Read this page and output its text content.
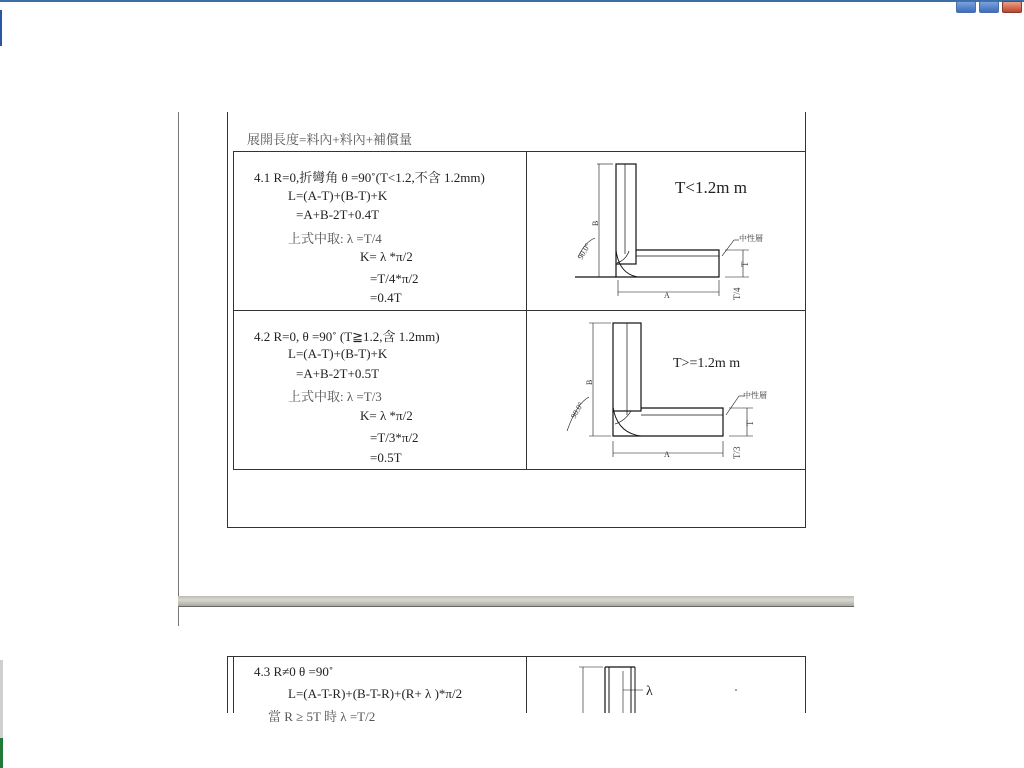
展開長度=料內+料內+補償量
4.1 R=0,折彎角 θ =90˚(T<1.2,不含 1.2mm)
L=(A-T)+(B-T)+K
=A+B-2T+0.4T
上式中取: λ =T/4
K= λ *π/2
=T/4*π/2
=0.4T
T<1.2m m
中性層
A
B
T
T/4
90.0°
4.2 R=0, θ =90˚ (T≧1.2,含 1.2mm)
L=(A-T)+(B-T)+K
=A+B-2T+0.5T
上式中取: λ =T/3
K= λ *π/2
=T/3*π/2
=0.5T
T>=1.2m m
中性層
A
B
T
T/3
90.0°
4.3 R≠0 θ =90˚
L=(A-T-R)+(B-T-R)+(R+ λ )*π/2
當 R ≥ 5T 時 λ =T/2
λ
